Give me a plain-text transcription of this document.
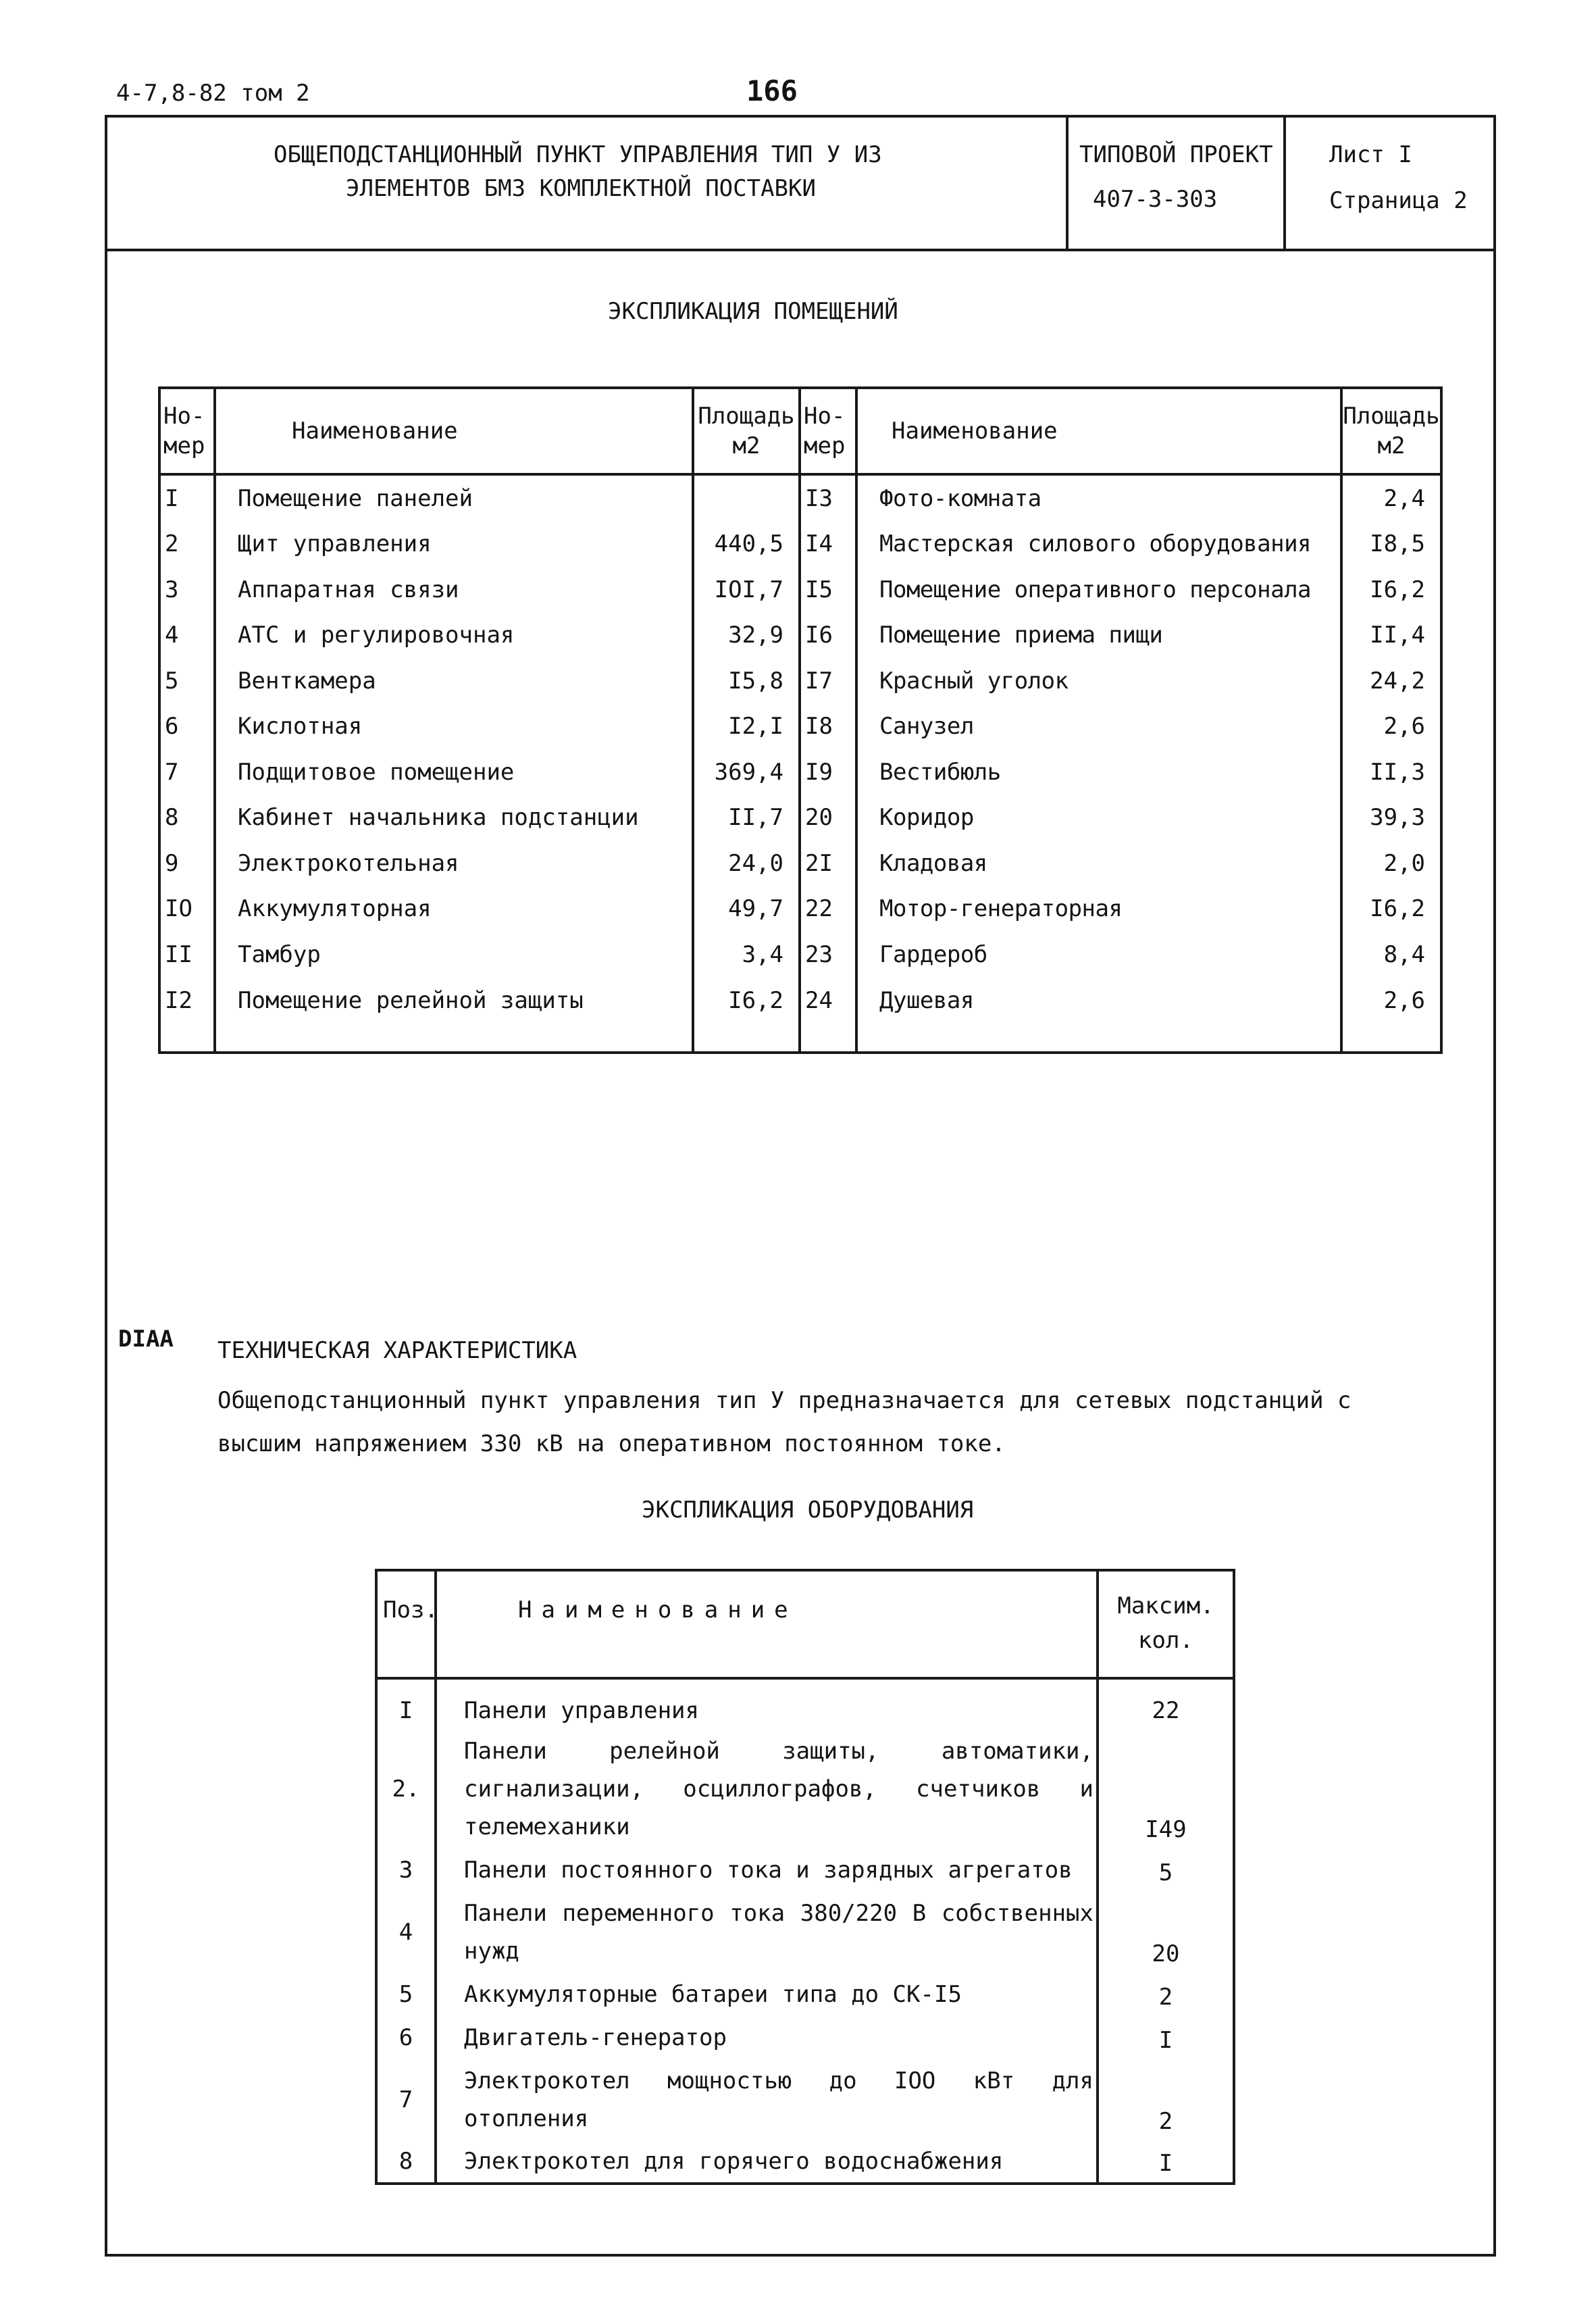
4-7,8-82 том 2	166
ОБЩЕПОДСТАНЦИОННЫЙ ПУНКТ УПРАВЛЕНИЯ ТИП У ИЗ
ЭЛЕМЕНТОВ БМЗ КОМПЛЕКТНОЙ ПОСТАВКИ
ТИПОВОЙ ПРОЕКТ
407-3-303
Лист I
Страница 2
ЭКСПЛИКАЦИЯ ПОМЕЩЕНИЙ
Но-
мер	Наименование	Площадь
м2	Но-
мер	Наименование	Площадь
м2
I	Помещение панелей		I3	Фото-комната	2,4
2	Щит управления	440,5	I4	Мастерская силового оборудования	I8,5
3	Аппаратная связи	IOI,7	I5	Помещение оперативного персонала	I6,2
4	АТС и регулировочная	32,9	I6	Помещение приема пищи	II,4
5	Венткамера	I5,8	I7	Красный уголок	24,2
6	Кислотная	I2,I	I8	Санузел	2,6
7	Подщитовое помещение	369,4	I9	Вестибюль	II,3
8	Кабинет начальника подстанции	II,7	20	Коридор	39,3
9	Электрокотельная	24,0	2I	Кладовая	2,0
IO	Аккумуляторная	49,7	22	Мотор-генераторная	I6,2
II	Тамбур	3,4	23	Гардероб	8,4
I2	Помещение релейной защиты	I6,2	24	Душевая	2,6
DIAA ТЕХНИЧЕСКАЯ ХАРАКТЕРИСТИКА
Общеподстанционный пункт управления тип У предназначается для сетевых подстанций с
высшим напряжением 330 кВ на оперативном постоянном токе.
ЭКСПЛИКАЦИЯ ОБОРУДОВАНИЯ
Поз.	Наименование	Максим.
кол.
I	Панели управления	22
2.	Панели релейной защиты, автоматики, сигнализации, осциллографов, счетчиков и телемеханики	I49
3	Панели постоянного тока и зарядных агрегатов	5
4	Панели переменного тока 380/220 В собственных нужд	20
5	Аккумуляторные батареи типа до СК-I5	2
6	Двигатель-генератор	I
7	Электрокотел мощностью до IOO кВт для отопления	2
8	Электрокотел для горячего водоснабжения	I
